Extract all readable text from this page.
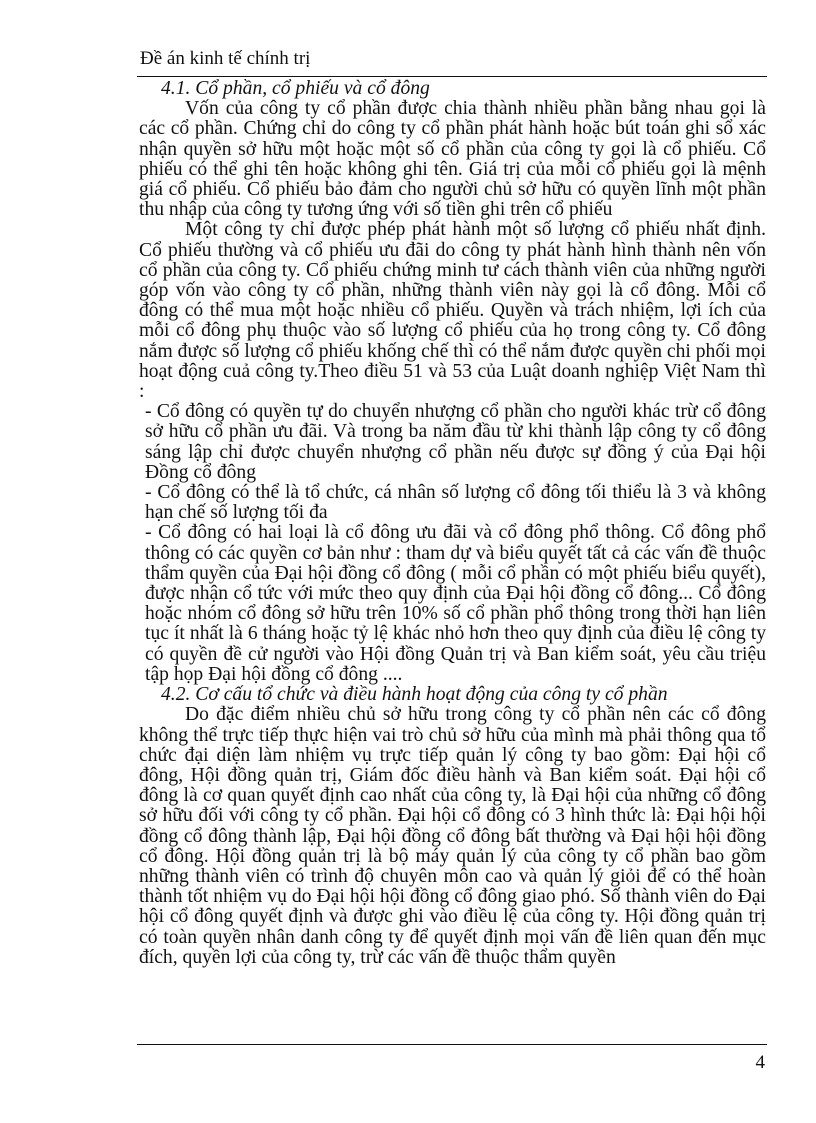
Đề án kinh tế chính trị

4.1. Cổ phần, cổ phiếu và cổ đông

Vốn của công ty cổ phần được chia thành nhiều phần bằng nhau gọi là các cổ phần. Chứng chỉ do công ty cổ phần phát hành hoặc bút toán ghi sổ xác nhận quyền sở hữu một hoặc một số cổ phần của công ty gọi là cổ phiếu. Cổ phiếu có thể ghi tên hoặc không ghi tên. Giá trị của mỗi cổ phiếu gọi là mệnh giá cổ phiếu. Cổ phiếu bảo đảm cho người chủ sở hữu có quyền lĩnh một phần thu nhập của công ty tương ứng với số tiền ghi trên cổ phiếu

Một công ty chỉ được phép phát hành một số lượng cổ phiếu nhất định. Cổ phiếu thường và cổ phiếu ưu đãi do công ty phát hành hình thành nên vốn cổ phần của công ty. Cổ phiếu chứng minh tư cách thành viên của những người góp vốn vào công ty cổ phần, những thành viên này gọi là cổ đông. Mỗi cổ đông có thể mua một hoặc nhiều cổ phiếu. Quyền và trách nhiệm, lợi ích của mỗi cổ đông phụ thuộc vào số lượng cổ phiếu của họ trong công ty. Cổ đông nắm được số lượng cổ phiếu khống chế thì có thể nắm được quyền chi phối mọi hoạt động cuả công ty.Theo điều 51 và 53 của Luật doanh nghiệp Việt Nam thì :

- Cổ đông có quyền tự do chuyển nhượng cổ phần cho người khác trừ cổ đông sở hữu cổ phần ưu đãi. Và trong ba năm đầu từ khi thành lập công ty cổ đông sáng lập chỉ được chuyển nhượng cổ phần nếu được sự đồng ý của Đại hội Đồng cổ đông

- Cổ đông có thể là tổ chức, cá nhân số lượng cổ đông tối thiểu là 3 và không hạn chế số lượng tối đa

- Cổ đông có hai loại là cổ đông ưu đãi và cổ đông phổ thông. Cổ đông phổ thông có các quyền cơ bản như : tham dự và biểu quyết tất cả các vấn đề thuộc thẩm quyền của Đại hội đồng cổ đông ( mỗi cổ phần có một phiếu biểu quyết), được nhận cổ tức với mức theo quy định của Đại hội đồng cổ đông... Cổ đông hoặc nhóm cổ đông sở hữu trên 10% số cổ phần phổ thông trong thời hạn liên tục ít nhất là 6 tháng hoặc tỷ lệ khác nhỏ hơn theo quy định của điều lệ công ty có quyền đề cử người vào Hội đồng Quản trị và Ban kiểm soát, yêu cầu triệu tập họp Đại hội đồng cổ đông ....

4.2. Cơ cấu tổ chức và điều hành hoạt động của công ty cổ phần

Do đặc điểm nhiều chủ sở hữu trong công ty cổ phần nên các cổ đông không thể trực tiếp thực hiện vai trò chủ sở hữu của mình mà phải thông qua tổ chức đại diện làm nhiệm vụ trực tiếp quản lý công ty bao gồm: Đại hội cổ đông, Hội đồng quản trị, Giám đốc điều hành và Ban kiểm soát. Đại hội cổ đông là cơ quan quyết định cao nhất của công ty, là Đại hội của những cổ đông sở hữu đối với công ty cổ phần. Đại hội cổ đông có 3 hình thức là: Đại hội hội đồng cổ đông thành lập, Đại hội đồng cổ đông bất thường và Đại hội hội đồng cổ đông. Hội đồng quản trị là bộ máy quản lý của công ty cổ phần bao gồm những thành viên có trình độ chuyên môn cao và quản lý giỏi để có thể hoàn thành tốt nhiệm vụ do Đại hội hội đồng cổ đông giao phó. Số thành viên do Đại hội cổ đông quyết định và được ghi vào điều lệ của công ty. Hội đồng quản trị có toàn quyền nhân danh công ty để quyết định mọi vấn đề liên quan đến mục đích, quyền lợi của công ty, trừ các vấn đề thuộc thẩm quyền

4
